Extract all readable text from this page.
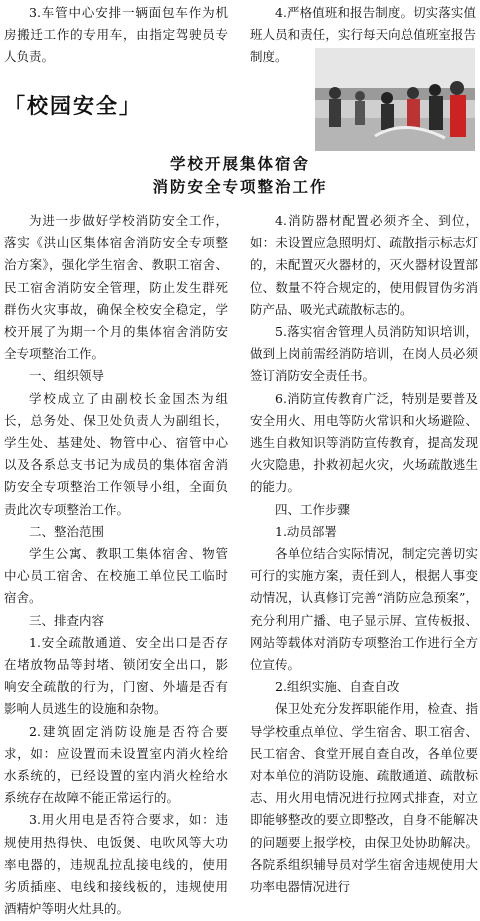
3.车管中心安排一辆面包车作为机房搬迁工作的专用车，由指定驾驶员专人负责。

4.严格值班和报告制度。切实落实值班人员和责任，实行每天向总值班室报告制度。

「校园安全」
学校开展集体宿舍
消防安全专项整治工作

为进一步做好学校消防安全工作，落实《洪山区集体宿舍消防安全专项整治方案》，强化学生宿舍、教职工宿舍、民工宿舍消防安全管理，防止发生群死群伤火灾事故，确保全校安全稳定，学校开展了为期一个月的集体宿舍消防安全专项整治工作。

一、组织领导

学校成立了由副校长金国杰为组长，总务处、保卫处负责人为副组长，学生处、基建处、物管中心、宿管中心以及各系总支书记为成员的集体宿舍消防安全专项整治工作领导小组，全面负责此次专项整治工作。

二、整治范围

学生公寓、教职工集体宿舍、物管中心员工宿舍、在校施工单位民工临时宿舍。

三、排查内容

1.安全疏散通道、安全出口是否存在堵放物品等封堵、锁闭安全出口，影响安全疏散的行为，门窗、外墙是否有影响人员逃生的设施和杂物。

2.建筑固定消防设施是否符合要求，如：应设置而未设置室内消火栓给水系统的，已经设置的室内消火栓给水系统存在故障不能正常运行的。

3.用火用电是否符合要求，如：违规使用热得快、电饭煲、电吹风等大功率电器的，违规乱拉乱接电线的，使用劣质插座、电线和接线板的，违规使用酒精炉等明火灶具的。

4.消防器材配置必须齐全、到位，如：未设置应急照明灯、疏散指示标志灯的，未配置灭火器材的，灭火器材设置部位、数量不符合规定的，使用假冒伪劣消防产品、吸光式疏散标志的。

5.落实宿舍管理人员消防知识培训，做到上岗前需经消防培训，在岗人员必须签订消防安全责任书。

6.消防宣传教育广泛，特别是要普及安全用火、用电等防火常识和火场避险、逃生自救知识等消防宣传教育，提高发现火灾隐患，扑救初起火灾，火场疏散逃生的能力。

四、工作步骤

1.动员部署

各单位结合实际情况，制定完善切实可行的实施方案，责任到人，根据人事变动情况，认真修订完善“消防应急预案”，充分利用广播、电子显示屏、宣传板报、网站等载体对消防专项整治工作进行全方位宣传。

2.组织实施、自查自改

保卫处充分发挥职能作用，检查、指导学校重点单位、学生宿舍、职工宿舍、民工宿舍、食堂开展自查自改，各单位要对本单位的消防设施、疏散通道、疏散标志、用火用电情况进行拉网式排查，对立即能够整改的要立即整改，自身不能解决的问题要上报学校，由保卫处协助解决。各院系组织辅导员对学生宿舍违规使用大功率电器情况进行
